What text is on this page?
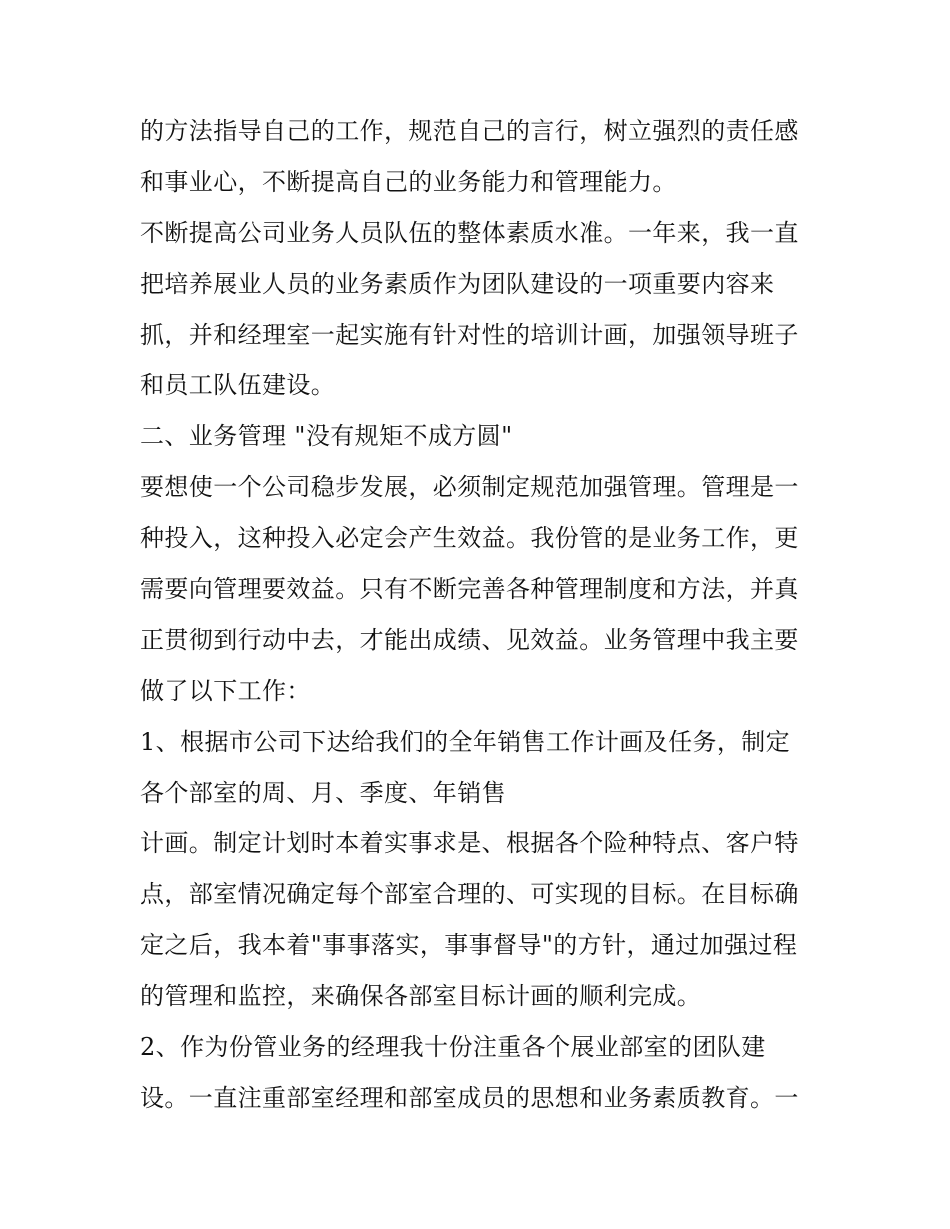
的方法指导自己的工作，规范自己的言行，树立强烈的责任感
和事业心，不断提高自己的业务能力和管理能力。
不断提高公司业务人员队伍的整体素质水准。一年来，我一直
把培养展业人员的业务素质作为团队建设的一项重要内容来
抓，并和经理室一起实施有针对性的培训计画，加强领导班子
和员工队伍建设。
二、业务管理 "没有规矩不成方圆"
要想使一个公司稳步发展，必须制定规范加强管理。管理是一
种投入，这种投入必定会产生效益。我份管的是业务工作，更
需要向管理要效益。只有不断完善各种管理制度和方法，并真
正贯彻到行动中去，才能出成绩、见效益。业务管理中我主要
做了以下工作：
1、根据市公司下达给我们的全年销售工作计画及任务，制定
各个部室的周、月、季度、年销售
计画。制定计划时本着实事求是、根据各个险种特点、客户特
点，部室情况确定每个部室合理的、可实现的目标。在目标确
定之后，我本着"事事落实，事事督导"的方针，通过加强过程
的管理和监控，来确保各部室目标计画的顺利完成。
2、作为份管业务的经理我十份注重各个展业部室的团队建
设。一直注重部室经理和部室成员的思想和业务素质教育。一
